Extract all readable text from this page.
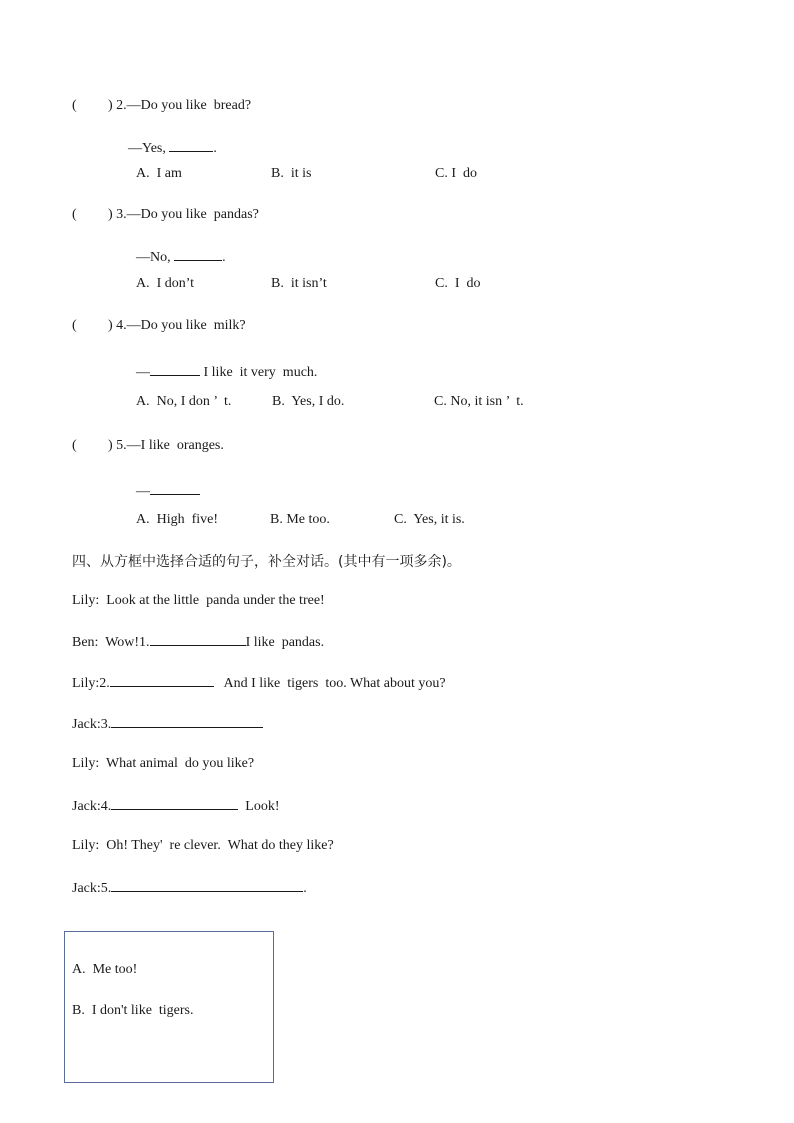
( ) 2.—Do you like  bread?
—Yes,	.
A.  I am	B.  it is	C. I  do
( ) 3.—Do you like  pandas?
—No,	.
A.  I don’t	B.  it isn’t	C.  I  do
( ) 4.—Do you like  milk?
—	I like  it very  much.
A.  No, I don ’  t.	B.  Yes, I do.	C. No, it isn ’  t.
( ) 5.—I like  oranges.
—
A.  High  five!	B. Me too.	C.  Yes, it is.
四、从方框中选择合适的句子，补全对话。(其中有一项多余)。
Lily:  Look at the little  panda under the tree!
Ben:  Wow!1.	I like  pandas.
Lily:2.	And I like  tigers  too. What about you?
Jack:3.
Lily:  What animal  do you like?
Jack:4.	Look!
Lily:  Oh! They'  re clever.  What do they like?
Jack:5.	.
A.  Me too!
B.  I don't like  tigers.
